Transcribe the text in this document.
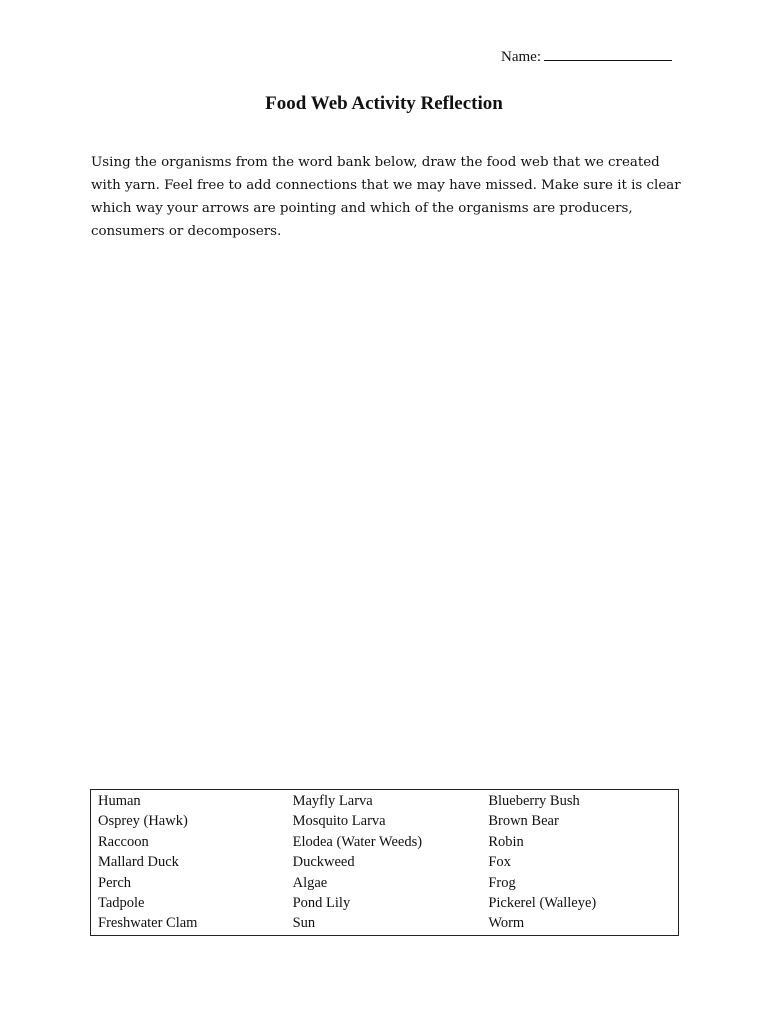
Name:
Food Web Activity Reflection

Using the organisms from the word bank below, draw the food web that we created with yarn. Feel free to add connections that we may have missed. Make sure it is clear which way your arrows are pointing and which of the organisms are producers, consumers or decomposers.

Human	Mayfly Larva	Blueberry Bush
Osprey (Hawk)	Mosquito Larva	Brown Bear
Raccoon	Elodea (Water Weeds)	Robin
Mallard Duck	Duckweed	Fox
Perch	Algae	Frog
Tadpole	Pond Lily	Pickerel (Walleye)
Freshwater Clam	Sun	Worm
